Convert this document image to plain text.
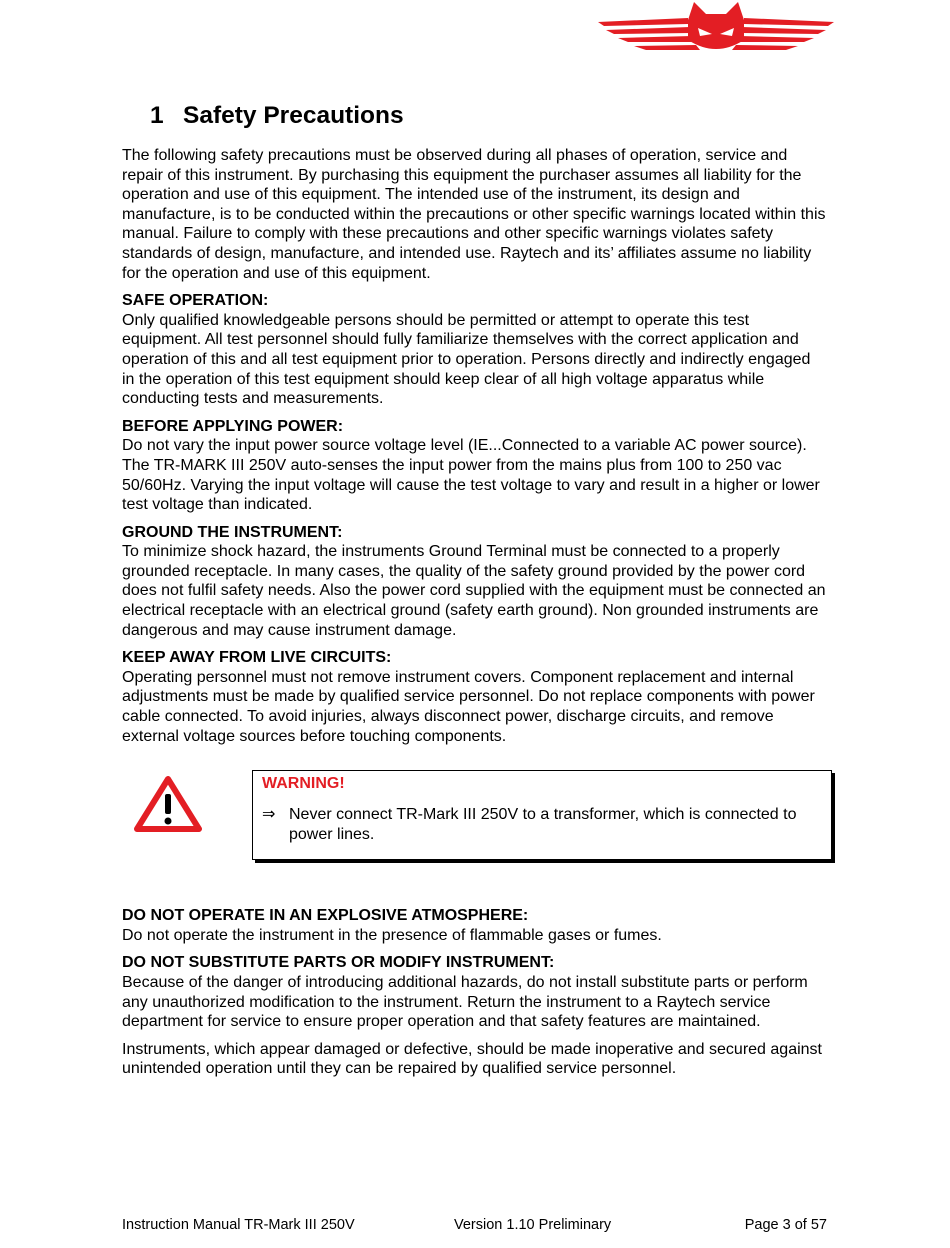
1 Safety Precautions

The following safety precautions must be observed during all phases of operation, service and repair of this instrument. By purchasing this equipment the purchaser assumes all liability for the operation and use of this equipment. The intended use of the instrument, its design and manufacture, is to be conducted within the precautions or other specific warnings located within this manual. Failure to comply with these precautions and other specific warnings violates safety standards of design, manufacture, and intended use. Raytech and its’ affiliates assume no liability for the operation and use of this equipment.

SAFE OPERATION:

Only qualified knowledgeable persons should be permitted or attempt to operate this test equipment. All test personnel should fully familiarize themselves with the correct application and operation of this and all test equipment prior to operation. Persons directly and indirectly engaged in the operation of this test equipment should keep clear of all high voltage apparatus while conducting tests and measurements.

BEFORE APPLYING POWER:

Do not vary the input power source voltage level (IE...Connected to a variable AC power source). The TR-MARK III 250V auto-senses the input power from the mains plus from 100 to 250 vac 50/60Hz. Varying the input voltage will cause the test voltage to vary and result in a higher or lower test voltage than indicated.

GROUND THE INSTRUMENT:

To minimize shock hazard, the instruments Ground Terminal must be connected to a properly grounded receptacle. In many cases, the quality of the safety ground provided by the power cord does not fulfil safety needs. Also the power cord supplied with the equipment must be connected an electrical receptacle with an electrical ground (safety earth ground). Non grounded instruments are dangerous and may cause instrument damage.

KEEP AWAY FROM LIVE CIRCUITS:

Operating personnel must not remove instrument covers. Component replacement and internal adjustments must be made by qualified service personnel. Do not replace components with power cable connected. To avoid injuries, always disconnect power, discharge circuits, and remove external voltage sources before touching components.

WARNING!
⇒ Never connect TR-Mark III 250V to a transformer, which is connected to power lines.

DO NOT OPERATE IN AN EXPLOSIVE ATMOSPHERE:

Do not operate the instrument in the presence of flammable gases or fumes.

DO NOT SUBSTITUTE PARTS OR MODIFY INSTRUMENT:

Because of the danger of introducing additional hazards, do not install substitute parts or perform any unauthorized modification to the instrument. Return the instrument to a Raytech service department for service to ensure proper operation and that safety features are maintained.

Instruments, which appear damaged or defective, should be made inoperative and secured against unintended operation until they can be repaired by qualified service personnel.

Instruction Manual TR-Mark III 250V	Version 1.10 Preliminary	Page 3 of 57
